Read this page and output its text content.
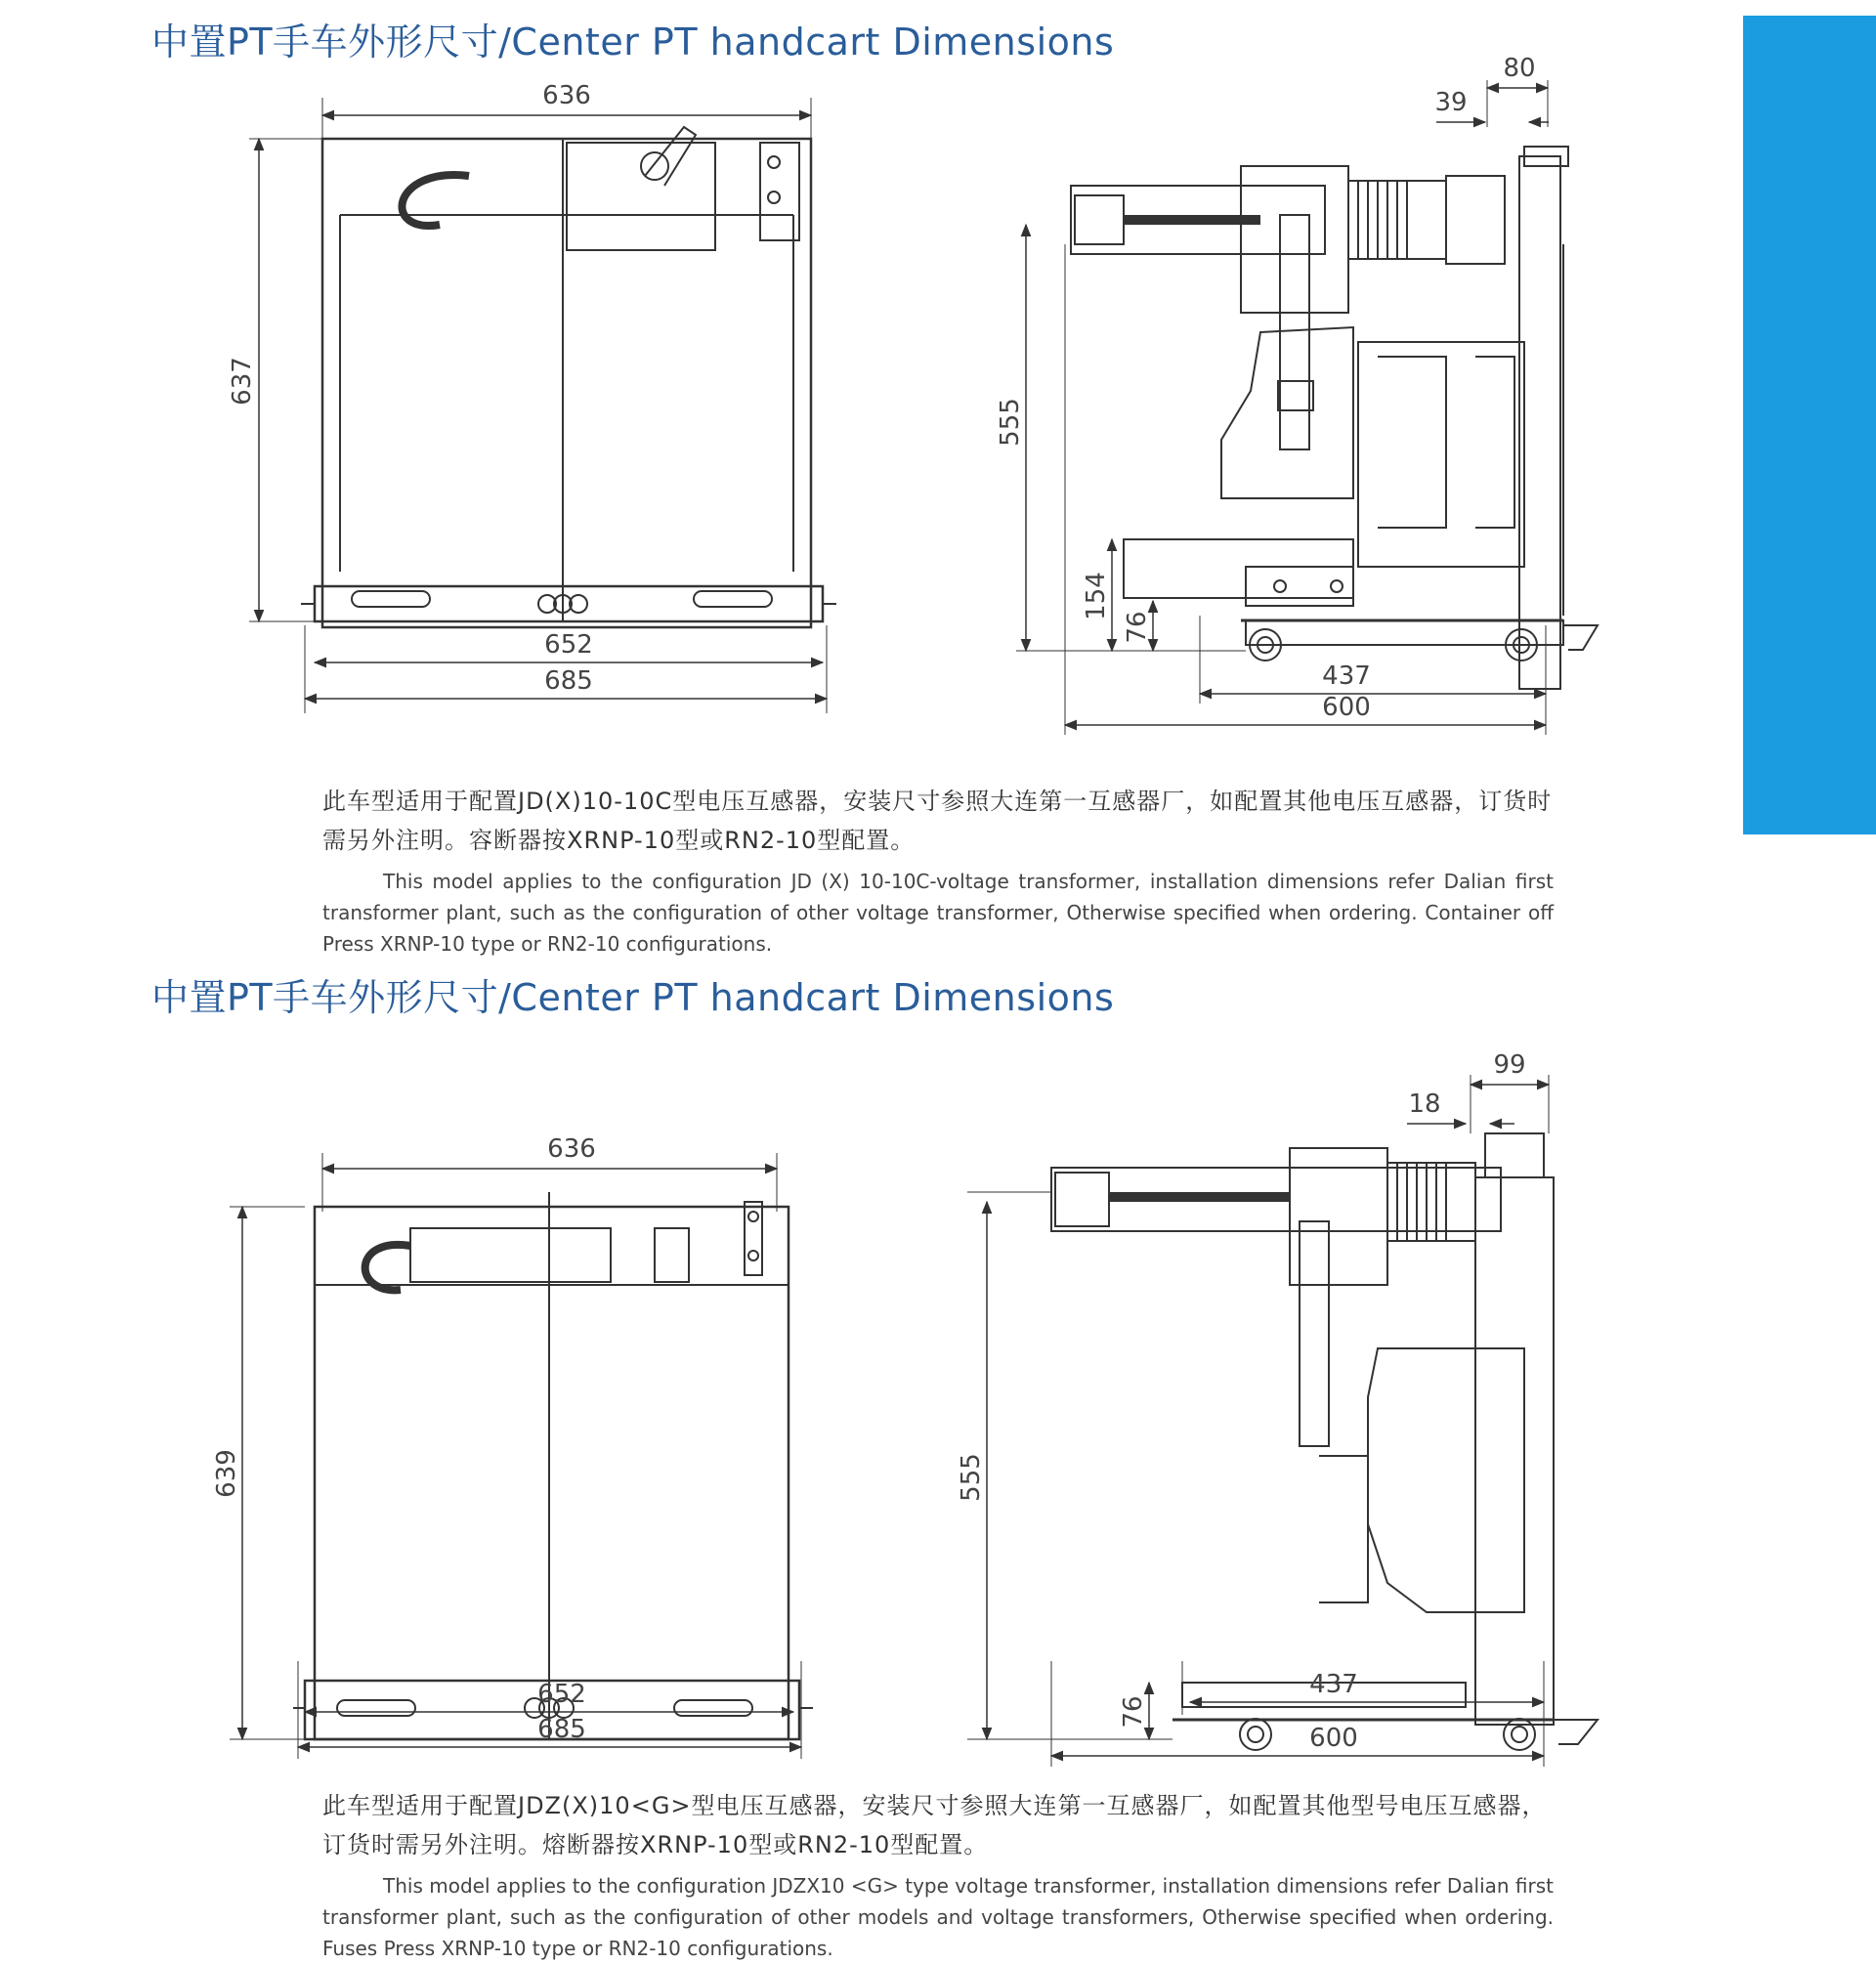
中置PT手车外形尺寸/Center PT handcart Dimensions
636
637
652
685
80
39
555
154
76
437
600

此车型适用于配置JD(X)10-10C型电压互感器，安装尺寸参照大连第一互感器厂，如配置其他电压互感器，订货时需另外注明。容断器按XRNP-10型或RN2-10型配置。

This model applies to the configuration JD (X) 10-10C-voltage transformer, installation dimensions refer Dalian first transformer plant, such as the configuration of other voltage transformer, Otherwise specified when ordering. Container off Press XRNP-10 type or RN2-10 configurations.

中置PT手车外形尺寸/Center PT handcart Dimensions
636
639
99
18
555
76
652
685
437
600

此车型适用于配置JDZ(X)10<G>型电压互感器，安装尺寸参照大连第一互感器厂，如配置其他型号电压互感器，订货时需另外注明。熔断器按XRNP-10型或RN2-10型配置。

This model applies to the configuration JDZX10 <G> type voltage transformer, installation dimensions refer Dalian first transformer plant, such as the configuration of other models and voltage transformers, Otherwise specified when ordering. Fuses Press XRNP-10 type or RN2-10 configurations.
